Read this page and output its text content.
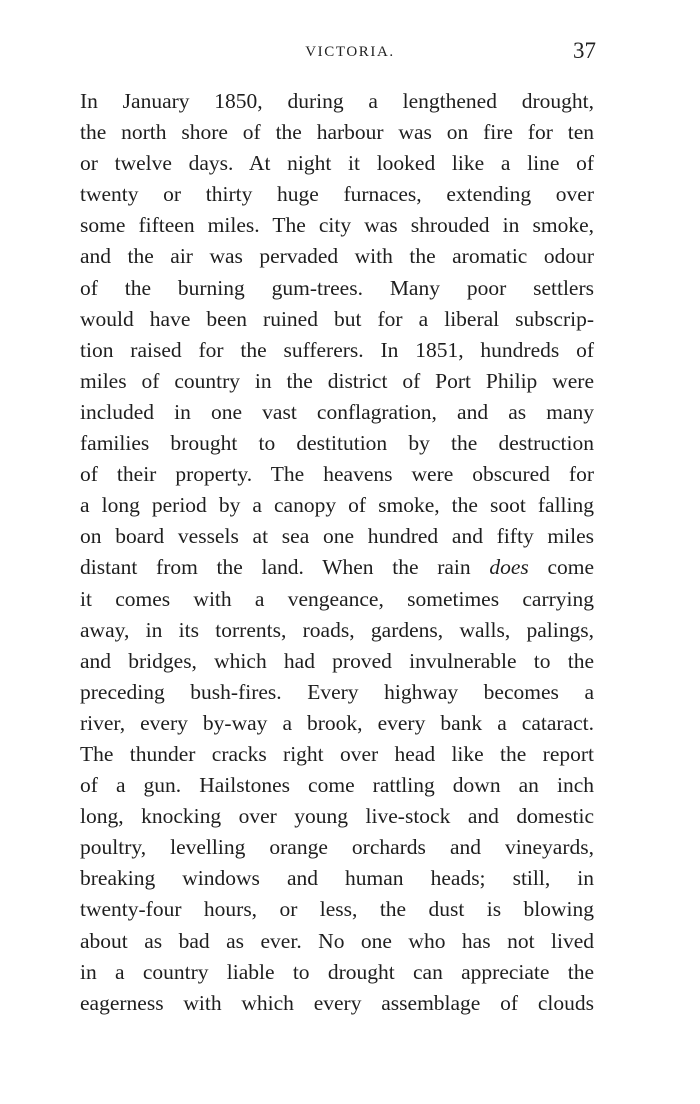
VICTORIA.	37
In January 1850, during a lengthened drought,
the north shore of the harbour was on fire for ten
or twelve days. At night it looked like a line of
twenty or thirty huge furnaces, extending over
some fifteen miles. The city was shrouded in smoke,
and the air was pervaded with the aromatic odour
of the burning gum-trees. Many poor settlers
would have been ruined but for a liberal subscrip-
tion raised for the sufferers. In 1851, hundreds of
miles of country in the district of Port Philip were
included in one vast conflagration, and as many
families brought to destitution by the destruction
of their property. The heavens were obscured for
a long period by a canopy of smoke, the soot falling
on board vessels at sea one hundred and fifty miles
distant from the land. When the rain does come
it comes with a vengeance, sometimes carrying
away, in its torrents, roads, gardens, walls, palings,
and bridges, which had proved invulnerable to the
preceding bush-fires. Every highway becomes a
river, every by-way a brook, every bank a cataract.
The thunder cracks right over head like the report
of a gun. Hailstones come rattling down an inch
long, knocking over young live-stock and domestic
poultry, levelling orange orchards and vineyards,
breaking windows and human heads; still, in
twenty-four hours, or less, the dust is blowing
about as bad as ever. No one who has not lived
in a country liable to drought can appreciate the
eagerness with which every assemblage of clouds
